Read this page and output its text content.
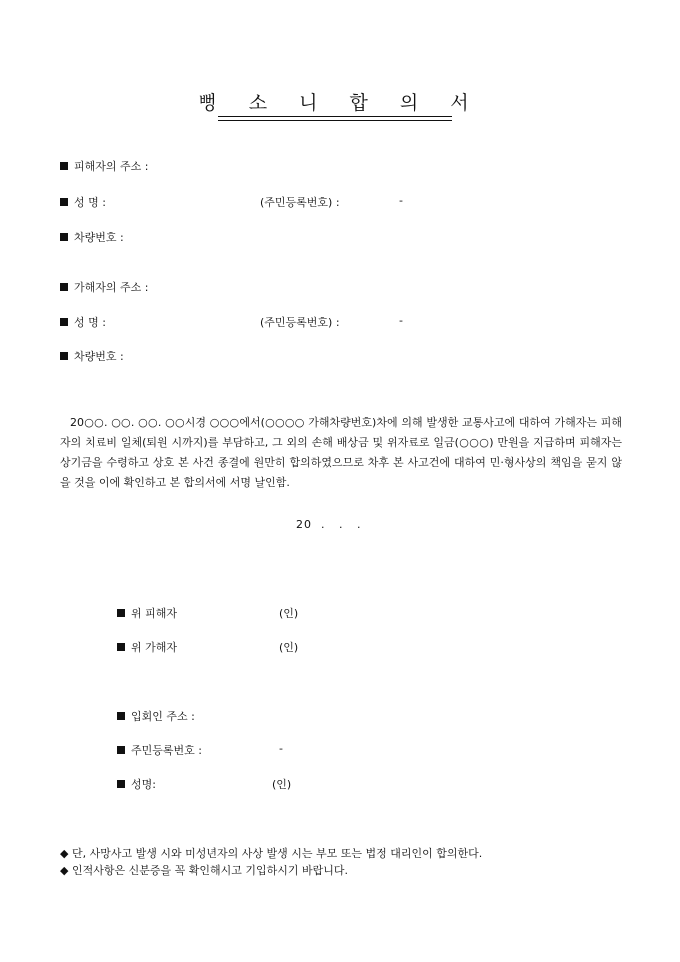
뻥 소 니 합 의 서
피해자의 주소 :
성 명 :	(주민등록번호) :	-
차량번호 :
가해자의 주소 :
성 명 :	(주민등록번호) :	-
차량번호 :
20○○. ○○. ○○. ○○시경 ○○○에서(○○○○ 가해차량번호)차에 의해 발생한 교통사고에 대하여 가해자는 피해자의 치료비 일체(퇴원 시까지)를 부담하고, 그 외의 손해 배상금 및 위자료로 일금(○○○) 만원을 지급하며 피해자는 상기금을 수령하고 상호 본 사건 종결에 원만히 합의하였으므로 차후 본 사고건에 대하여 민·형사상의 책임을 묻지 않을 것을 이에 확인하고 본 합의서에 서명 날인함.
20  .   .   .
위 피해자	(인)
위 가해자	(인)
입회인 주소 :
주민등록번호 :	-
성명:	(인)
◆ 단, 사망사고 발생 시와 미성년자의 사상 발생 시는 부모 또는 법정 대리인이 합의한다.
◆ 인적사항은 신분증을 꼭 확인해시고 기입하시기 바랍니다.
